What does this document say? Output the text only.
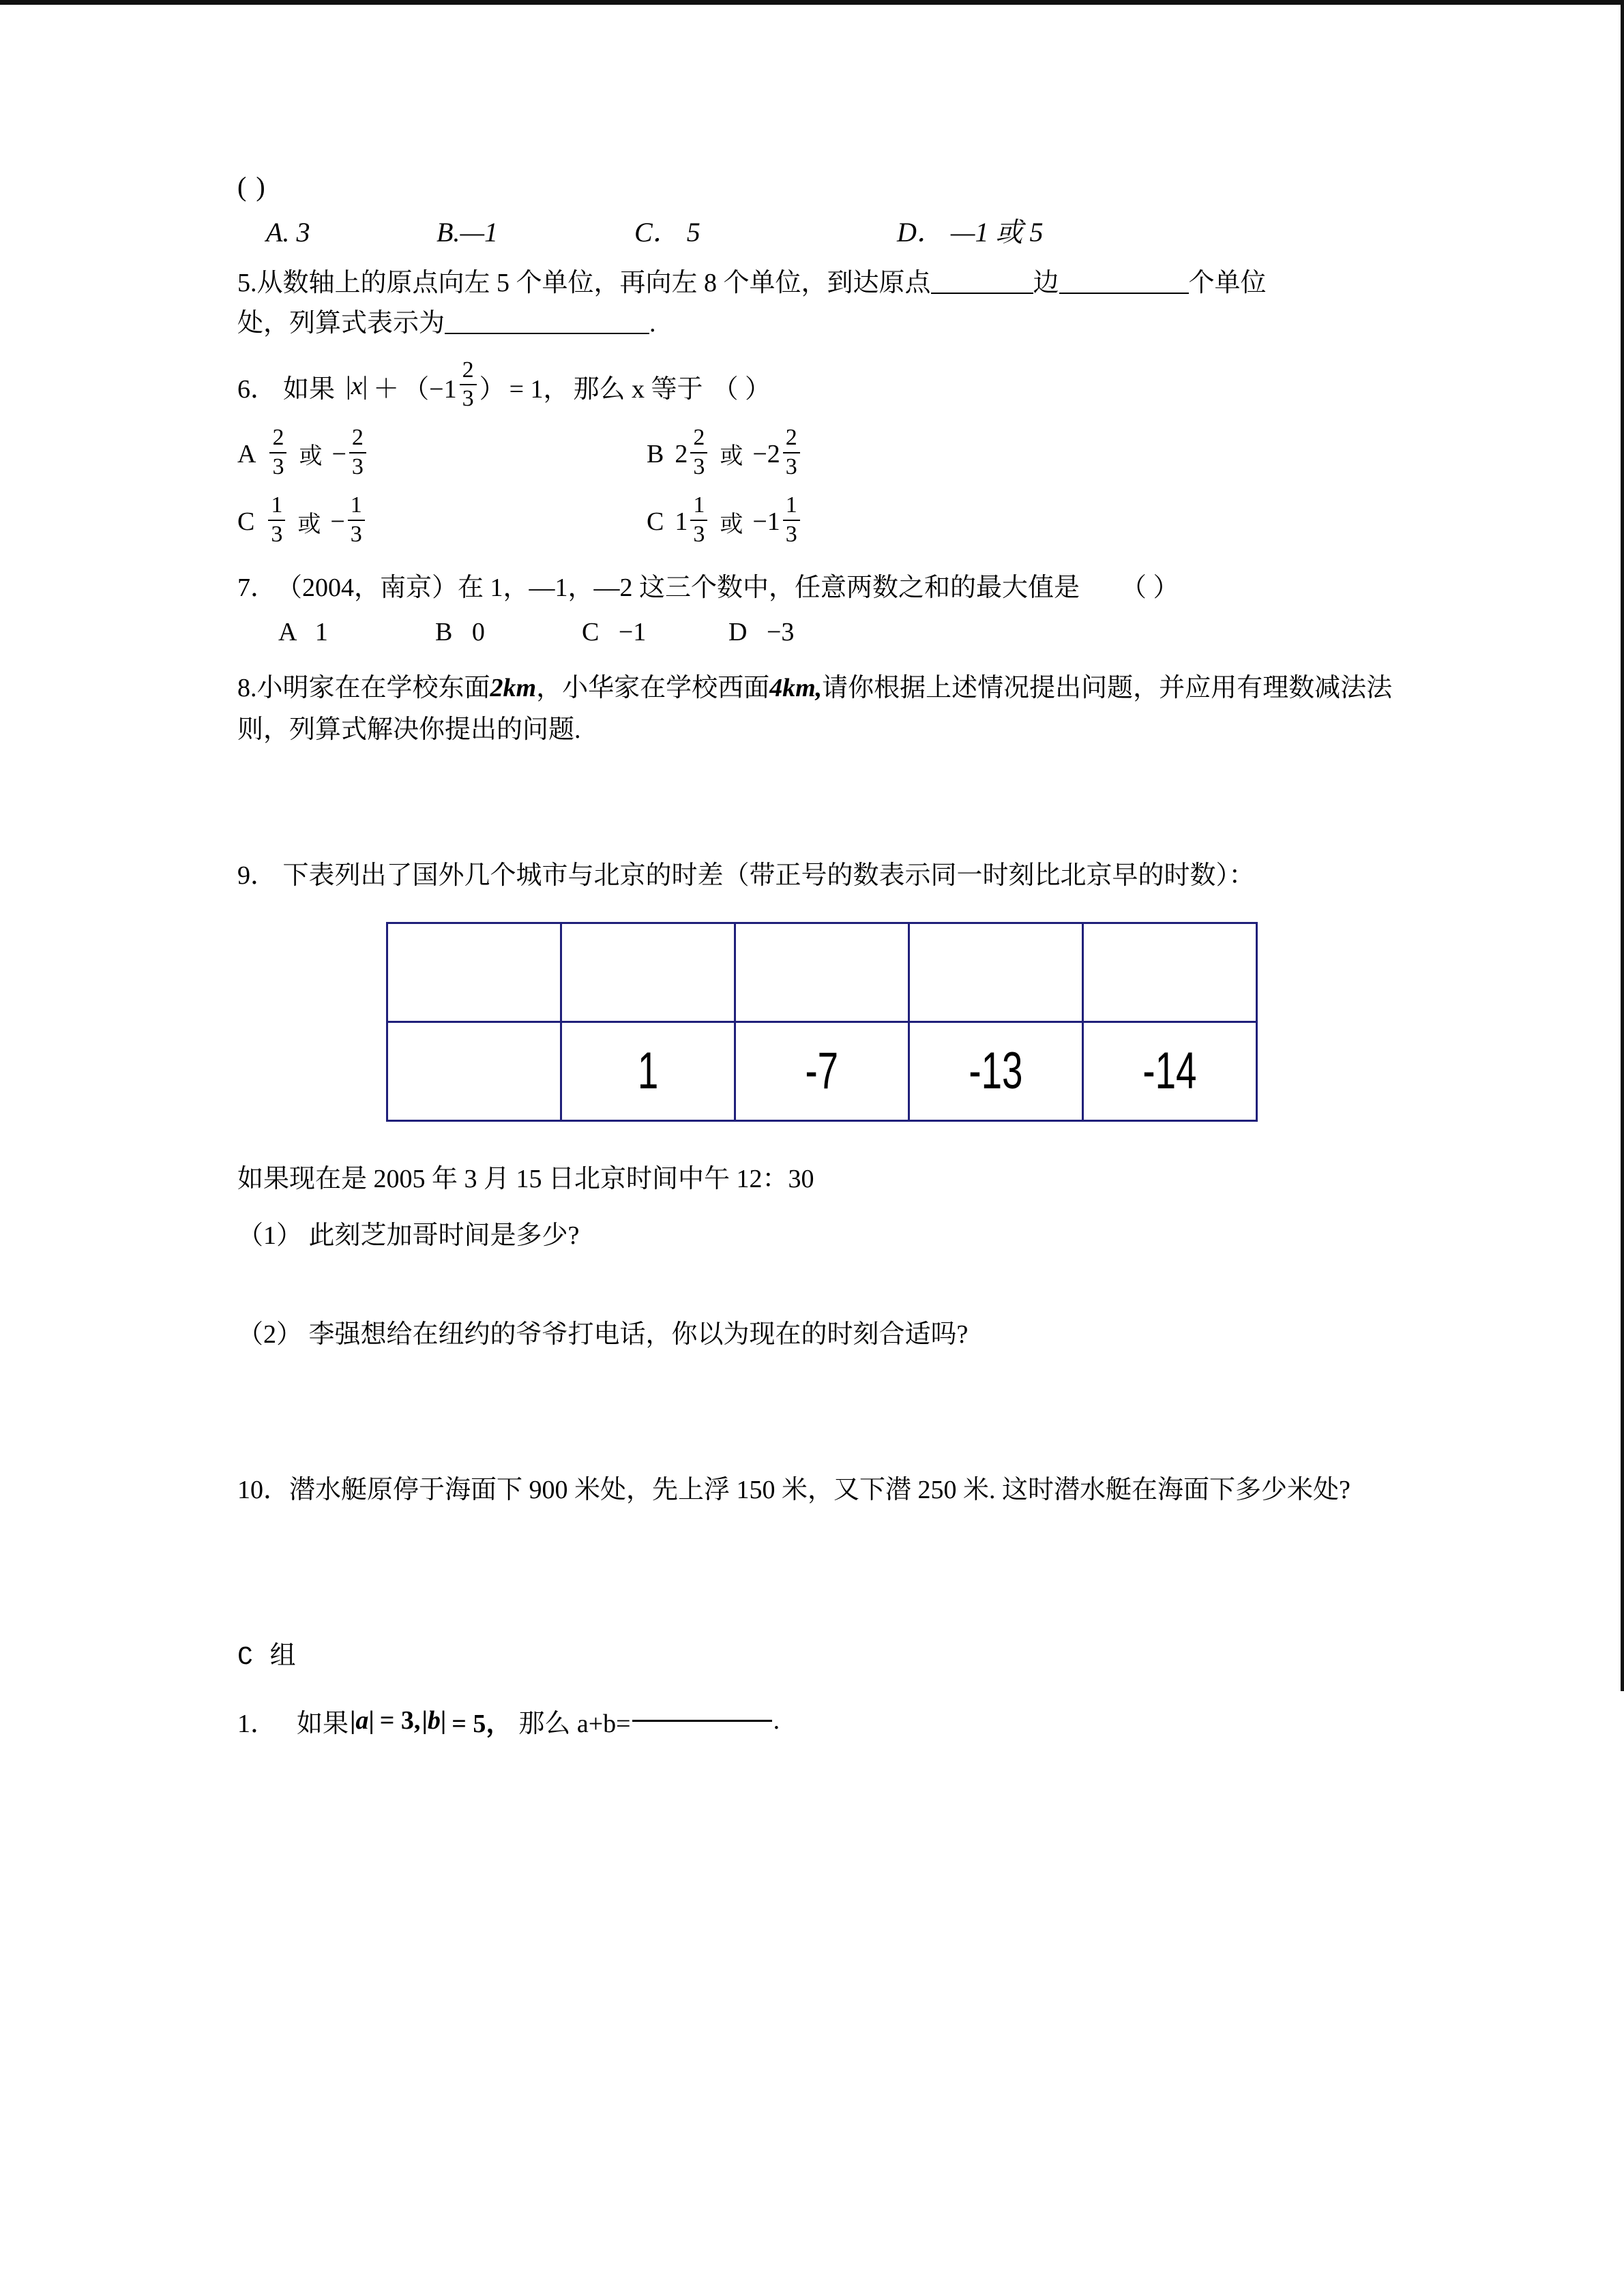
( )
A. 3	B.—1	C． 5	D． —1 或 5
5.从数轴上的原点向左 5 个单位，再向左 8 个单位，到达原点	边	个单位
处，列算式表示为	.
6． 如果 | x | ＋ （$-1 \frac{2}{3}$ ） = 1， 那么 x 等于 （ ）
A $\frac{2}{3}$ 或 − $\frac{2}{3}$	B $2 \frac{2}{3}$ 或 − $2 \frac{2}{3}$
C $\frac{1}{3}$ 或 − $\frac{1}{3}$	C $1 \frac{1}{3}$ 或 − $1 \frac{1}{3}$
7． （2004，南京）在 1，—1，—2 这三个数中，任意两数之和的最大值是 （ ）
A 1	B 0	C −1	D −3
8.小明家在在学校东面2km，小华家在学校西面4km,请你根据上述情况提出问题，并应用有理数减法法则，列算式解决你提出的问题.
9． 下表列出了国外几个城市与北京的时差（带正号的数表示同一时刻比北京早的时数）：

	1	-7	-13	-14
如果现在是 2005 年 3 月 15 日北京时间中午 12：30
（1） 此刻芝加哥时间是多少?
（2） 李强想给在纽约的爷爷打电话，你以为现在的时刻合适吗?
10．潜水艇原停于海面下 900 米处，先上浮 150 米，又下潜 250 米. 这时潜水艇在海面下多少米处?
C 组
1． 如果 | a | = 3, | b | = 5， 那么 a+b=	.
